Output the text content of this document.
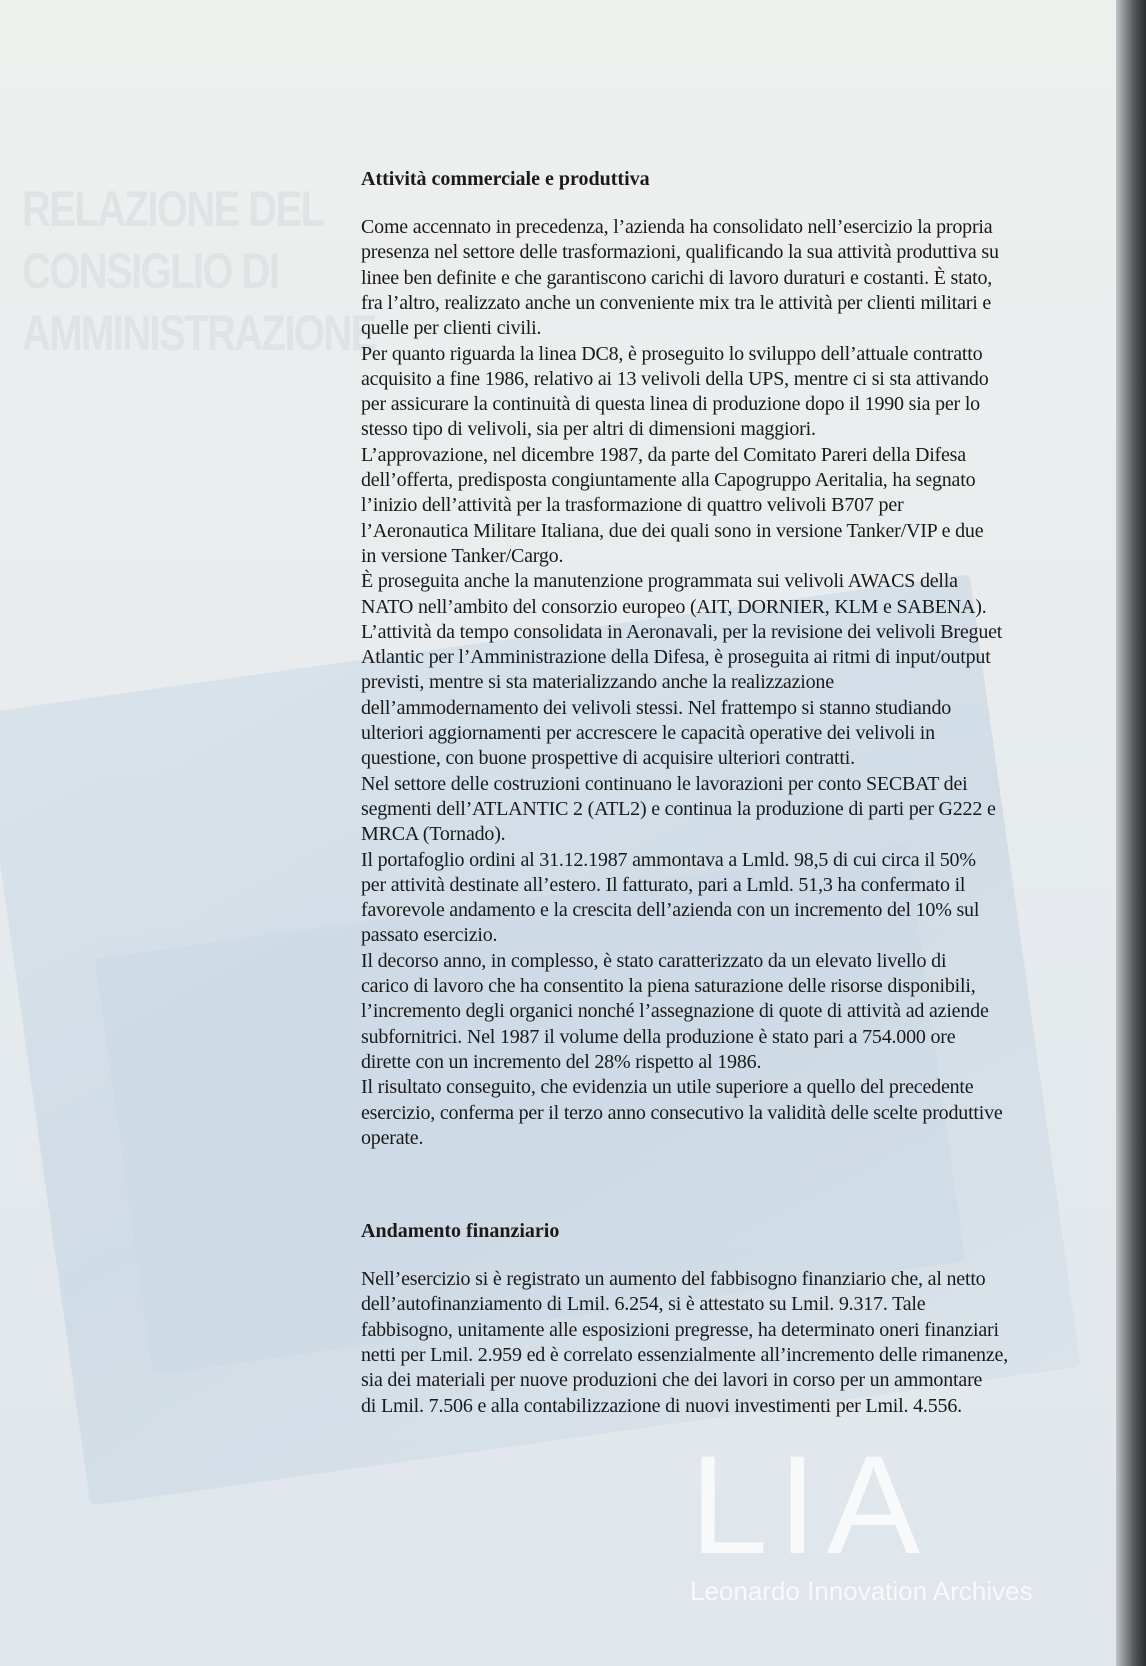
RELAZIONE DEL
CONSIGLIO DI
AMMINISTRAZIONE
Attività commerciale e produttiva
Come accennato in precedenza, l’azienda ha consolidato nell’esercizio la propria
presenza nel settore delle trasformazioni, qualificando la sua attività produttiva su
linee ben definite e che garantiscono carichi di lavoro duraturi e costanti. È stato,
fra l’altro, realizzato anche un conveniente mix tra le attività per clienti militari e
quelle per clienti civili.
Per quanto riguarda la linea DC8, è proseguito lo sviluppo dell’attuale contratto
acquisito a fine 1986, relativo ai 13 velivoli della UPS, mentre ci si sta attivando
per assicurare la continuità di questa linea di produzione dopo il 1990 sia per lo
stesso tipo di velivoli, sia per altri di dimensioni maggiori.
L’approvazione, nel dicembre 1987, da parte del Comitato Pareri della Difesa
dell’offerta, predisposta congiuntamente alla Capogruppo Aeritalia, ha segnato
l’inizio dell’attività per la trasformazione di quattro velivoli B707 per
l’Aeronautica Militare Italiana, due dei quali sono in versione Tanker/VIP e due
in versione Tanker/Cargo.
È proseguita anche la manutenzione programmata sui velivoli AWACS della
NATO nell’ambito del consorzio europeo (AIT, DORNIER, KLM e SABENA).
L’attività da tempo consolidata in Aeronavali, per la revisione dei velivoli Breguet
Atlantic per l’Amministrazione della Difesa, è proseguita ai ritmi di input/output
previsti, mentre si sta materializzando anche la realizzazione
dell’ammodernamento dei velivoli stessi. Nel frattempo si stanno studiando
ulteriori aggiornamenti per accrescere le capacità operative dei velivoli in
questione, con buone prospettive di acquisire ulteriori contratti.
Nel settore delle costruzioni continuano le lavorazioni per conto SECBAT dei
segmenti dell’ATLANTIC 2 (ATL2) e continua la produzione di parti per G222 e
MRCA (Tornado).
Il portafoglio ordini al 31.12.1987 ammontava a Lmld. 98,5 di cui circa il 50%
per attività destinate all’estero. Il fatturato, pari a Lmld. 51,3 ha confermato il
favorevole andamento e la crescita dell’azienda con un incremento del 10% sul
passato esercizio.
Il decorso anno, in complesso, è stato caratterizzato da un elevato livello di
carico di lavoro che ha consentito la piena saturazione delle risorse disponibili,
l’incremento degli organici nonché l’assegnazione di quote di attività ad aziende
subfornitrici. Nel 1987 il volume della produzione è stato pari a 754.000 ore
dirette con un incremento del 28% rispetto al 1986.
Il risultato conseguito, che evidenzia un utile superiore a quello del precedente
esercizio, conferma per il terzo anno consecutivo la validità delle scelte produttive
operate.
Andamento finanziario
Nell’esercizio si è registrato un aumento del fabbisogno finanziario che, al netto
dell’autofinanziamento di Lmil. 6.254, si è attestato su Lmil. 9.317. Tale
fabbisogno, unitamente alle esposizioni pregresse, ha determinato oneri finanziari
netti per Lmil. 2.959 ed è correlato essenzialmente all’incremento delle rimanenze,
sia dei materiali per nuove produzioni che dei lavori in corso per un ammontare
di Lmil. 7.506 e alla contabilizzazione di nuovi investimenti per Lmil. 4.556.
LIA
Leonardo Innovation Archives
